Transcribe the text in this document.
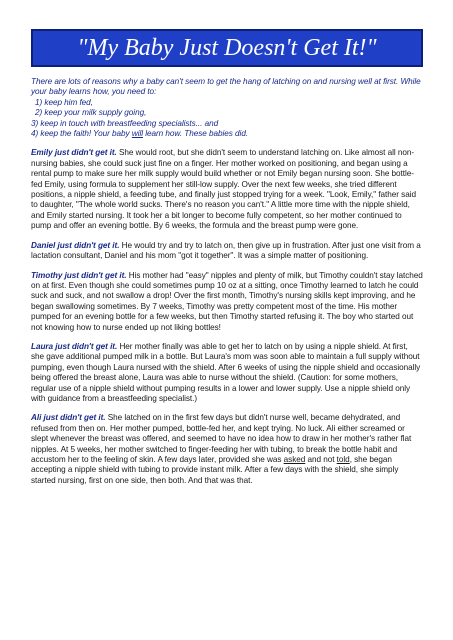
"My Baby Just Doesn't Get It!"

There are lots of reasons why a baby can't seem to get the hang of latching on and nursing well at first. While your baby learns how, you need to:
1) keep him fed,
2) keep your milk supply going,
3) keep in touch with breastfeeding specialists... and
4) keep the faith! Your baby will learn how. These babies did.

Emily just didn't get it. She would root, but she didn't seem to understand latching on. Like almost all non-nursing babies, she could suck just fine on a finger. Her mother worked on positioning, and began using a rental pump to make sure her milk supply would build whether or not Emily began nursing soon. She bottle-fed Emily, using formula to supplement her still-low supply. Over the next few weeks, she tried different positions, a nipple shield, a feeding tube, and finally just stopped trying for a week. "Look, Emily," father said to daughter, "The whole world sucks. There's no reason you can't." A little more time with the nipple shield, and Emily started nursing. It took her a bit longer to become fully competent, so her mother continued to pump and offer an evening bottle. By 6 weeks, the formula and the breast pump were gone.

Daniel just didn't get it. He would try and try to latch on, then give up in frustration. After just one visit from a lactation consultant, Daniel and his mom "got it together". It was a simple matter of positioning.

Timothy just didn't get it. His mother had "easy" nipples and plenty of milk, but Timothy couldn't stay latched on at first. Even though she could sometimes pump 10 oz at a sitting, once Timothy learned to latch he could suck and suck, and not swallow a drop! Over the first month, Timothy's nursing skills kept improving, and he began swallowing sometimes. By 7 weeks, Timothy was pretty competent most of the time. His mother pumped for an evening bottle for a few weeks, but then Timothy started refusing it. The boy who started out not knowing how to nurse ended up not liking bottles!

Laura just didn't get it. Her mother finally was able to get her to latch on by using a nipple shield. At first, she gave additional pumped milk in a bottle. But Laura's mom was soon able to maintain a full supply without pumping, even though Laura nursed with the shield. After 6 weeks of using the nipple shield and occasionally being offered the breast alone, Laura was able to nurse without the shield. (Caution: for some mothers, regular use of a nipple shield without pumping results in a lower and lower supply. Use a nipple shield only with guidance from a breastfeeding specialist.)

Ali just didn't get it. She latched on in the first few days but didn't nurse well, became dehydrated, and refused from then on. Her mother pumped, bottle-fed her, and kept trying. No luck. Ali either screamed or slept whenever the breast was offered, and seemed to have no idea how to draw in her mother's rather flat nipples. At 5 weeks, her mother switched to finger-feeding her with tubing, to break the bottle habit and accustom her to the feeling of skin. A few days later, provided she was asked and not told, she began accepting a nipple shield with tubing to provide instant milk. After a few days with the shield, she simply started nursing, first on one side, then both. And that was that.
